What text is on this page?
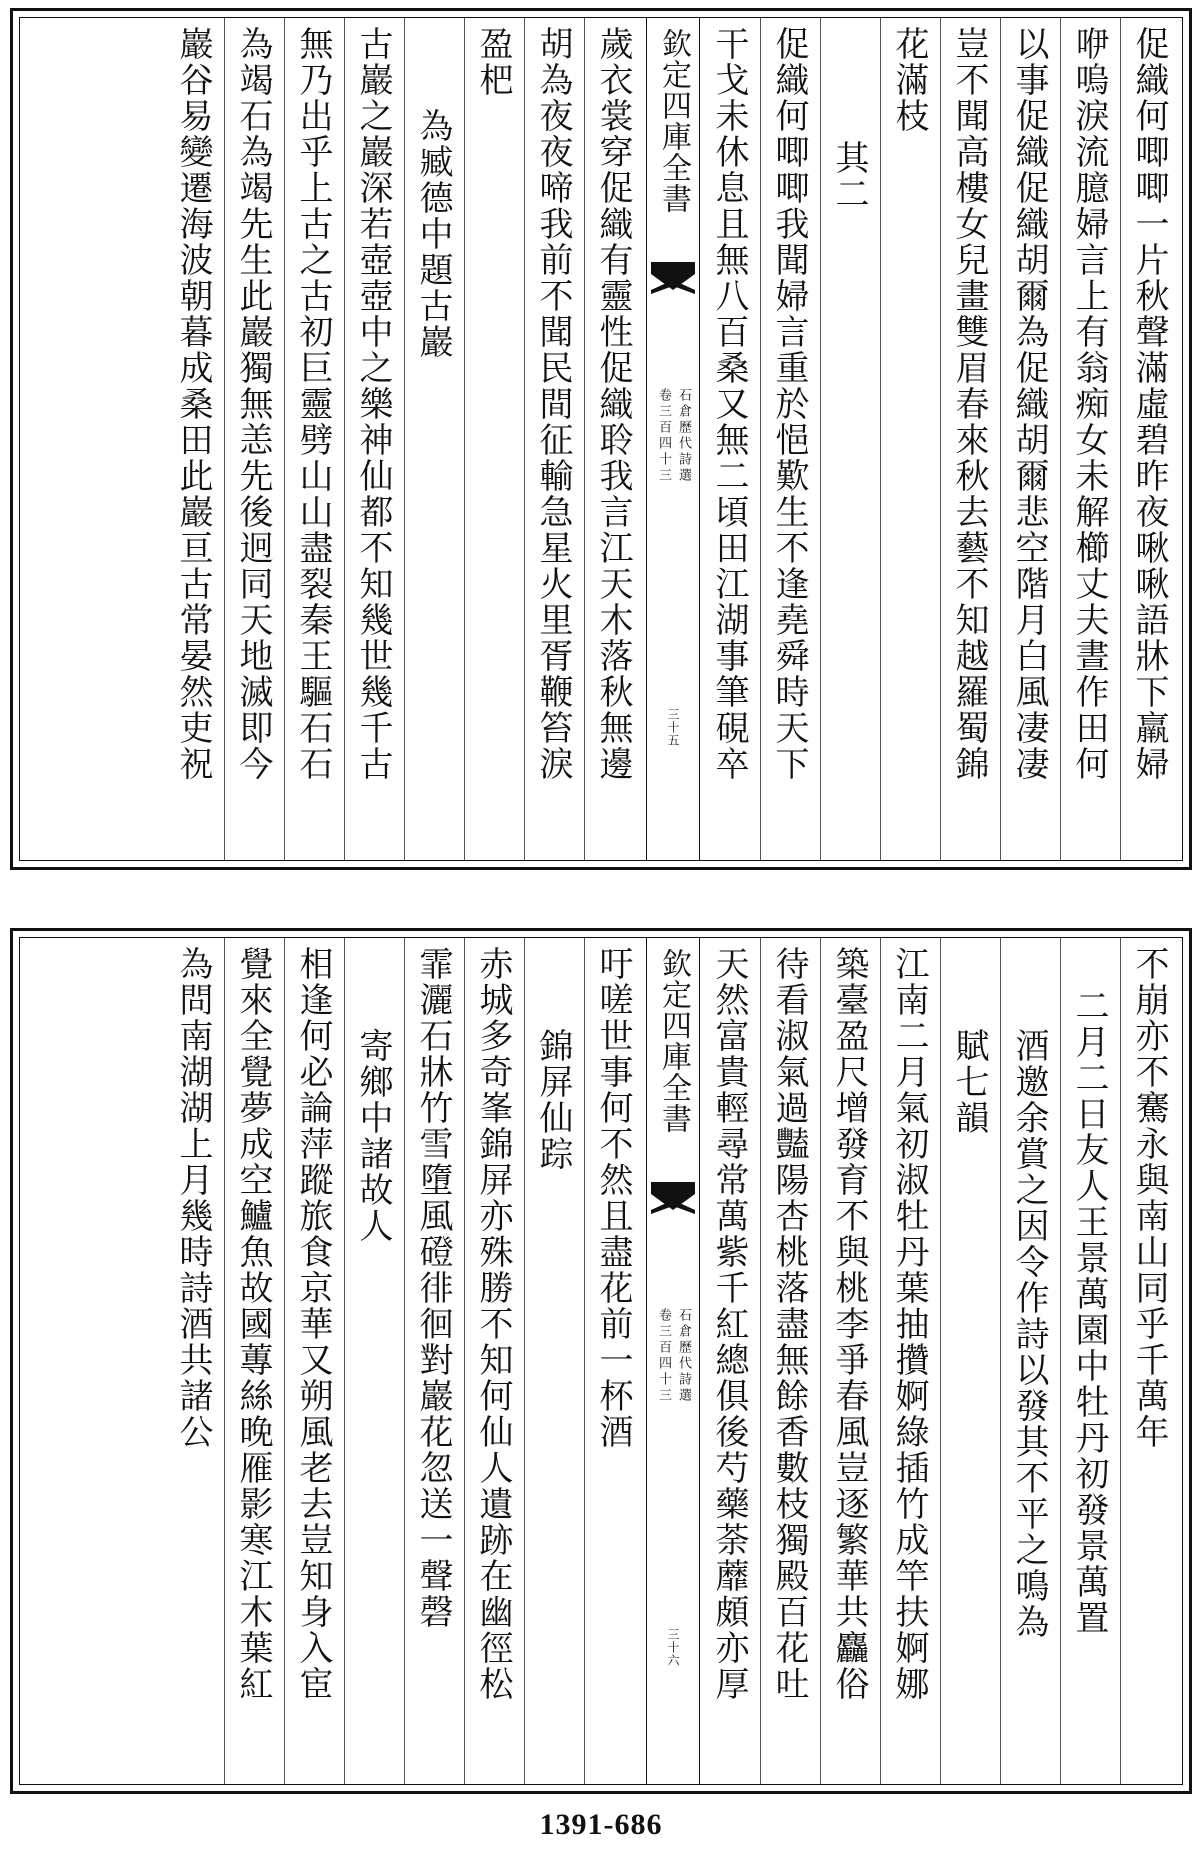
促織何唧唧一片秋聲滿虛碧昨夜啾啾語牀下羸婦
咿嗚淚流臆婦言上有翁痴女未解櫛丈夫晝作田何
以事促織促織胡爾為促織胡爾悲空階月白風凄凄
豈不聞高樓女兒畫雙眉春來秋去藝不知越羅蜀錦
花滿枝
其二
促織何唧唧我聞婦言重於悒歎生不逢堯舜時天下
干戈未休息且無八百桑又無二頃田江湖事筆硯卒
欽定四庫全書
石倉歷代詩選
卷三百四十三
三十五
歲衣裳穿促織有靈性促織聆我言江天木落秋無邊
胡為夜夜啼我前不聞民間征輸急星火里胥鞭笞淚
盈杷
為臧德中題古巖
古巖之巖深若壺壺中之樂神仙都不知幾世幾千古
無乃出乎上古之古初巨靈劈山山盡裂秦王驅石石
為竭石為竭先生此巖獨無恙先後迥同天地滅即今
巖谷易變遷海波朝暮成桑田此巖亘古常晏然吏祝
不崩亦不騫永與南山同乎千萬年
二月二日友人王景萬園中牡丹初發景萬置
酒邀余賞之因令作詩以發其不平之鳴為
賦七韻
江南二月氣初淑牡丹葉抽攢婀綠插竹成竿扶婀娜
築臺盈尺增發育不與桃李爭春風豈逐繁華共麤俗
待看淑氣過豔陽杏桃落盡無餘香數枝獨殿百花吐
天然富貴輕尋常萬紫千紅總俱後芍藥荼蘼頗亦厚
欽定四庫全書
石倉歷代詩選
卷三百四十三
三十六
吁嗟世事何不然且盡花前一杯酒
錦屏仙踪
赤城多奇峯錦屏亦殊勝不知何仙人遺跡在幽徑松
霏灑石牀竹雪墮風磴徘徊對巖花忽送一聲磬
寄鄉中諸故人
相逢何必論萍蹤旅食京華又朔風老去豈知身入宦
覺來全覺夢成空鱸魚故國蓴絲晚雁影寒江木葉紅
為問南湖湖上月幾時詩酒共諸公
1391-686
